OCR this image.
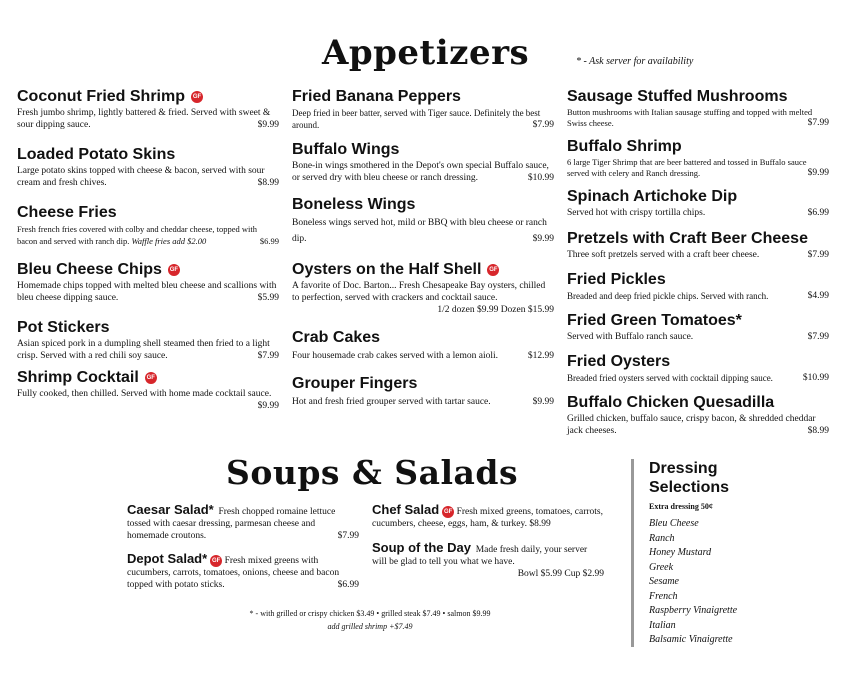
Appetizers	* - Ask server for availability
Coconut Fried Shrimp GF
Fresh jumbo shrimp, lightly battered & fried. Served with sweet & sour dipping sauce.	$9.99
Loaded Potato Skins
Large potato skins topped with cheese & bacon, served with sour cream and fresh chives.	$8.99
Cheese Fries
Fresh french fries covered with colby and cheddar cheese, topped with bacon and served with ranch dip. Waffle fries add $2.00	$6.99
Bleu Cheese Chips GF
Homemade chips topped with melted bleu cheese and scallions with bleu cheese dipping sauce.	$5.99
Pot Stickers
Asian spiced pork in a dumpling shell steamed then fried to a light crisp. Served with a red chili soy sauce.	$7.99
Shrimp Cocktail GF
Fully cooked, then chilled. Served with home made cocktail sauce.
$9.99
Fried Banana Peppers
Deep fried in beer batter, served with Tiger sauce. Definitely the best around.	$7.99
Buffalo Wings
Bone-in wings smothered in the Depot's own special Buffalo sauce, or served dry with bleu cheese or ranch dressing.	$10.99
Boneless Wings
Boneless wings served hot, mild or BBQ with bleu cheese or ranch dip.	$9.99
Oysters on the Half Shell GF
A favorite of Doc. Barton... Fresh Chesapeake Bay oysters, chilled to perfection, served with crackers and cocktail sauce.
1/2 dozen $9.99 Dozen $15.99
Crab Cakes
Four housemade crab cakes served with a lemon aioli.	$12.99
Grouper Fingers
Hot and fresh fried grouper served with tartar sauce.	$9.99
Sausage Stuffed Mushrooms
Button mushrooms with Italian sausage stuffing and topped with melted Swiss cheese.	$7.99
Buffalo Shrimp
6 large Tiger Shrimp that are beer battered and tossed in Buffalo sauce served with celery and Ranch dressing.	$9.99
Spinach Artichoke Dip
Served hot with crispy tortilla chips.	$6.99
Pretzels with Craft Beer Cheese
Three soft pretzels served with a craft beer cheese.	$7.99
Fried Pickles
Breaded and deep fried pickle chips. Served with ranch.	$4.99
Fried Green Tomatoes*
Served with Buffalo ranch sauce.	$7.99
Fried Oysters
Breaded fried oysters served with cocktail dipping sauce.	$10.99
Buffalo Chicken Quesadilla
Grilled chicken, buffalo sauce, crispy bacon, & shredded cheddar jack cheeses.	$8.99
Soups & Salads
Caesar Salad* Fresh chopped romaine lettuce tossed with caesar dressing, parmesan cheese and homemade croutons.	$7.99
Depot Salad* GF Fresh mixed greens with cucumbers, carrots, tomatoes, onions, cheese and bacon topped with potato sticks.	$6.99
Chef Salad GF Fresh mixed greens, tomatoes, carrots, cucumbers, cheese, eggs, ham, & turkey. $8.99
Soup of the Day Made fresh daily, your server will be glad to tell you what we have.
Bowl $5.99 Cup $2.99
* - with grilled or crispy chicken $3.49 • grilled steak $7.49 • salmon $9.99
add grilled shrimp +$7.49
Dressing
Selections
Extra dressing 50¢
Bleu Cheese
Ranch
Honey Mustard
Greek
Sesame
French
Raspberry Vinaigrette
Italian
Balsamic Vinaigrette
